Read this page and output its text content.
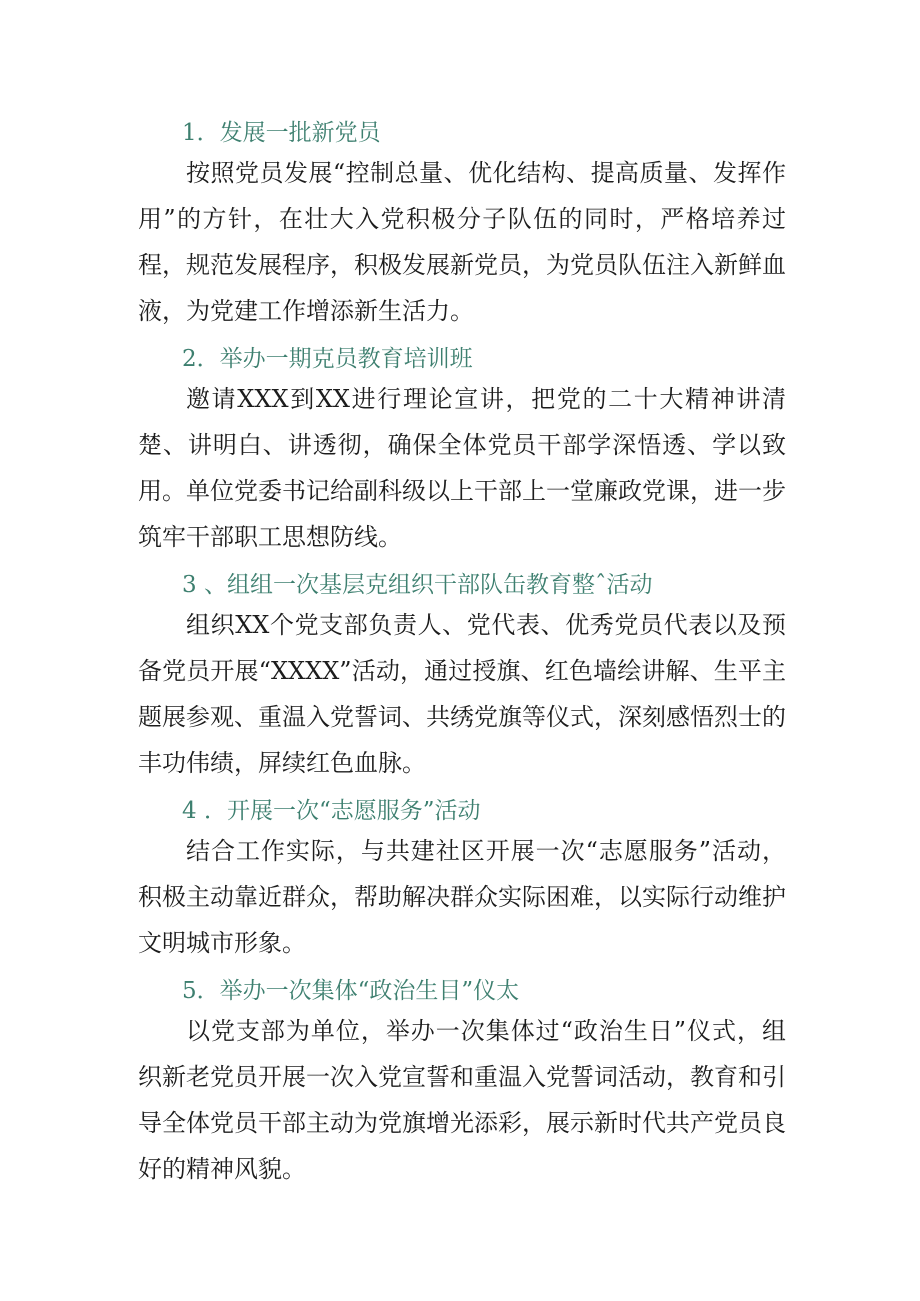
1．发展一批新党员

按照党员发展“控制总量、优化结构、提高质量、发挥作用”的方针，在壮大入党积极分子队伍的同时，严格培养过程，规范发展程序，积极发展新党员，为党员队伍注入新鲜血液，为党建工作增添新生活力。

2．举办一期克员教育培训班

邀请XXX到XX进行理论宣讲，把党的二十大精神讲清楚、讲明白、讲透彻，确保全体党员干部学深悟透、学以致用。单位党委书记给副科级以上干部上一堂廉政党课，进一步筑牢干部职工思想防线。

3 、组组一次基层克组织干部队缶教育整ˆ活动

组织XX个党支部负责人、党代表、优秀党员代表以及预备党员开展“XXXX”活动，通过授旗、红色墙绘讲解、生平主题展参观、重温入党誓词、共绣党旗等仪式，深刻感悟烈士的丰功伟绩，屏续红色血脉。

4 ．开展一次“志愿服务”活动

结合工作实际，与共建社区开展一次“志愿服务”活动，积极主动靠近群众，帮助解决群众实际困难，以实际行动维护文明城市形象。

5．举办一次集体“政治生目”仪太

以党支部为单位，举办一次集体过“政治生日”仪式，组织新老党员开展一次入党宣誓和重温入党誓词活动，教育和引导全体党员干部主动为党旗增光添彩，展示新时代共产党员良好的精神风貌。
